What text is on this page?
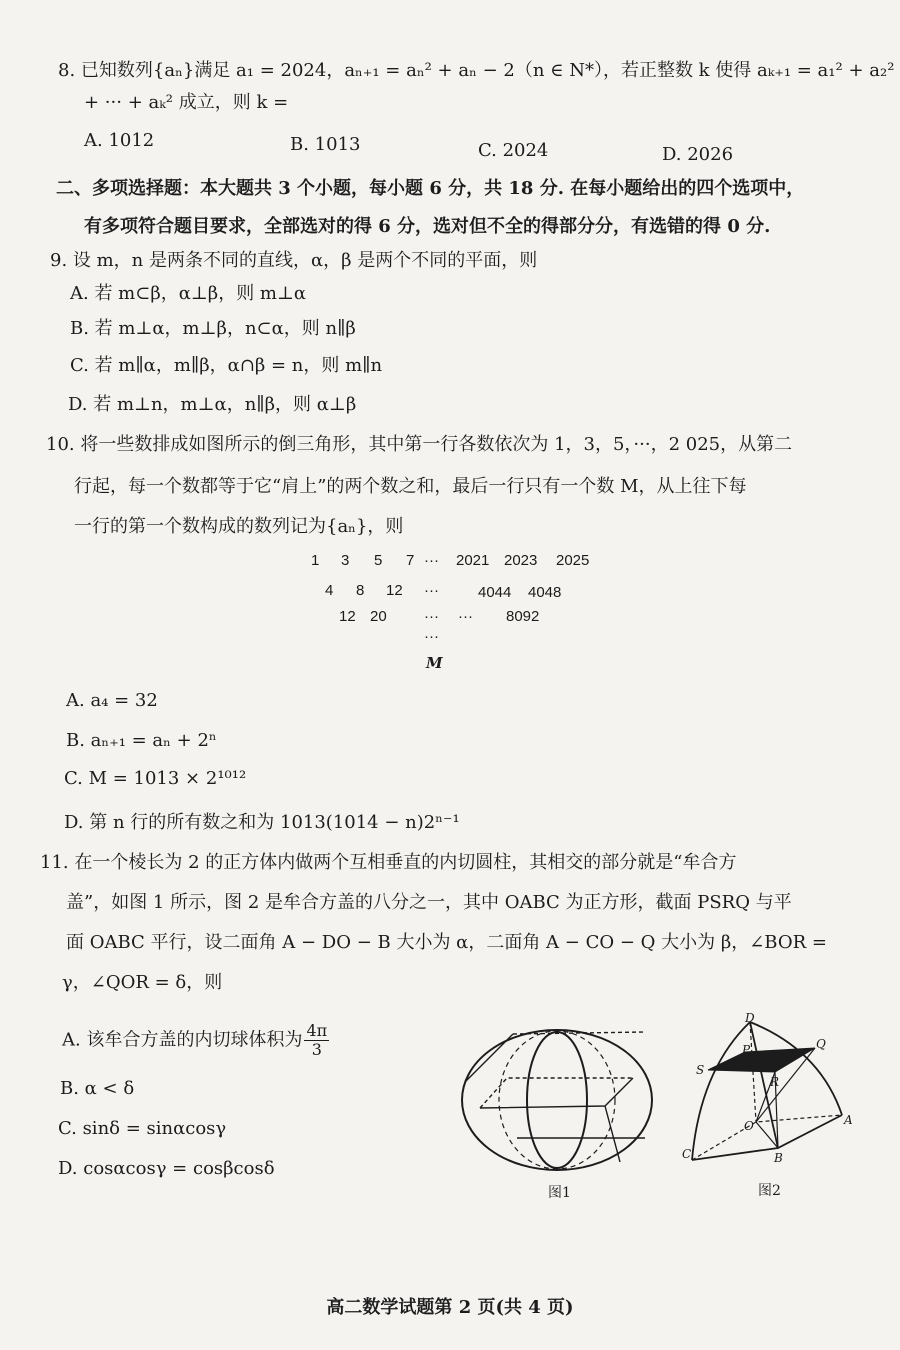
8. 已知数列{aₙ}满足 a₁ = 2024，aₙ₊₁ = aₙ² + aₙ − 2（n ∈ N*），若正整数 k 使得 aₖ₊₁ = a₁² + a₂²
+ ··· + aₖ² 成立，则 k =
A. 1012	B. 1013	C. 2024	D. 2026
二、多项选择题：本大题共 3 个小题，每小题 6 分，共 18 分. 在每小题给出的四个选项中，
有多项符合题目要求，全部选对的得 6 分，选对但不全的得部分分，有选错的得 0 分.
9. 设 m，n 是两条不同的直线，α，β 是两个不同的平面，则
A. 若 m⊂β，α⊥β，则 m⊥α
B. 若 m⊥α，m⊥β，n⊂α，则 n∥β
C. 若 m∥α，m∥β，α∩β = n，则 m∥n
D. 若 m⊥n，m⊥α，n∥β，则 α⊥β
10. 将一些数排成如图所示的倒三角形，其中第一行各数依次为 1，3，5，···，2 025，从第二
行起，每一个数都等于它“肩上”的两个数之和，最后一行只有一个数 M，从上往下每
一行的第一个数构成的数列记为{aₙ}，则
1 3 5 7 ··· 2021 2023 2025
4 8 12 ···	4044 4048
12 20 ··· ··· 8092
···
M
A. a₄ = 32
B. aₙ₊₁ = aₙ + 2ⁿ
C. M = 1013 × 2¹⁰¹²
D. 第 n 行的所有数之和为 1013(1014 − n)2ⁿ⁻¹
11. 在一个棱长为 2 的正方体内做两个互相垂直的内切圆柱，其相交的部分就是“牟合方
盖”，如图 1 所示，图 2 是牟合方盖的八分之一，其中 OABC 为正方形，截面 PSRQ 与平
面 OABC 平行，设二面角 A − DO − B 大小为 α，二面角 A − CO − Q 大小为 β，∠BOR =
γ，∠QOR = δ，则
A. 该牟合方盖的内切球体积为 $\frac{4\pi}{3}$
B. α < δ
C. sinδ = sinαcosγ
D. cosαcosγ = cosβcosδ
图1
D
P	Q
S
R
O	A
C	B
图2
高二数学试题第 2 页(共 4 页)
